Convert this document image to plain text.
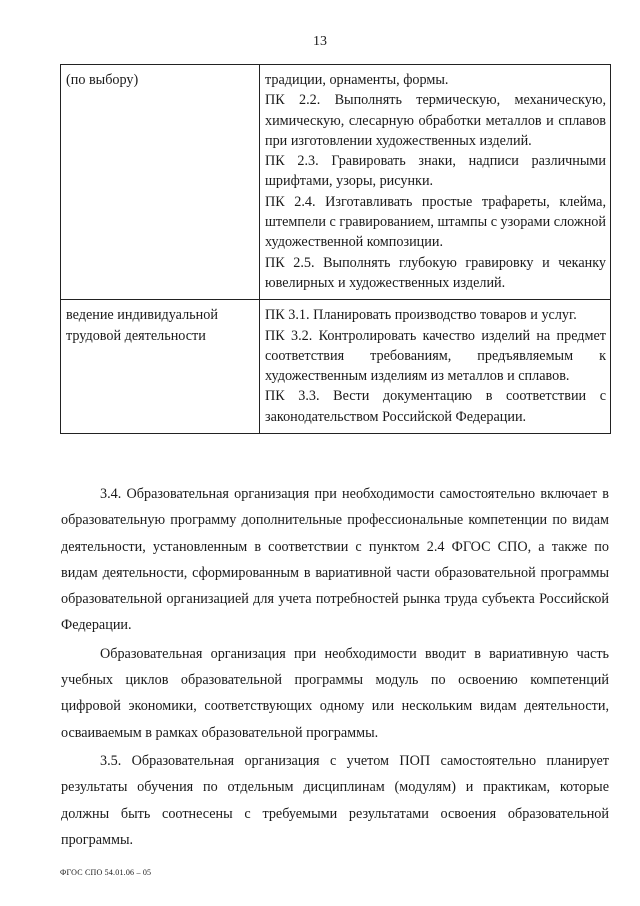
13
(по выбору)	традиции, орнаменты, формы.
ПК 2.2. Выполнять термическую, механическую, химическую, слесарную обработки металлов и сплавов при изготовлении художественных изделий.
ПК 2.3. Гравировать знаки, надписи различными шрифтами, узоры, рисунки.
ПК 2.4. Изготавливать простые трафареты, клейма, штемпели с гравированием, штампы с узорами сложной художественной композиции.
ПК 2.5. Выполнять глубокую гравировку и чеканку ювелирных и художественных изделий.

ведение индивидуальной трудовой деятельности	ПК 3.1. Планировать производство товаров и услуг.
ПК 3.2. Контролировать качество изделий на предмет соответствия требованиям, предъявляемым к художественным изделиям из металлов и сплавов.
ПК 3.3. Вести документацию в соответствии с законодательством Российской Федерации.

3.4. Образовательная организация при необходимости самостоятельно включает в образовательную программу дополнительные профессиональные компетенции по видам деятельности, установленным в соответствии с пунктом 2.4 ФГОС СПО, а также по видам деятельности, сформированным в вариативной части образовательной программы образовательной организацией для учета потребностей рынка труда субъекта Российской Федерации.

Образовательная организация при необходимости вводит в вариативную часть учебных циклов образовательной программы модуль по освоению компетенций цифровой экономики, соответствующих одному или нескольким видам деятельности, осваиваемым в рамках образовательной программы.

3.5. Образовательная организация с учетом ПОП самостоятельно планирует результаты обучения по отдельным дисциплинам (модулям) и практикам, которые должны быть соотнесены с требуемыми результатами освоения образовательной программы.

ФГОС СПО 54.01.06 – 05
